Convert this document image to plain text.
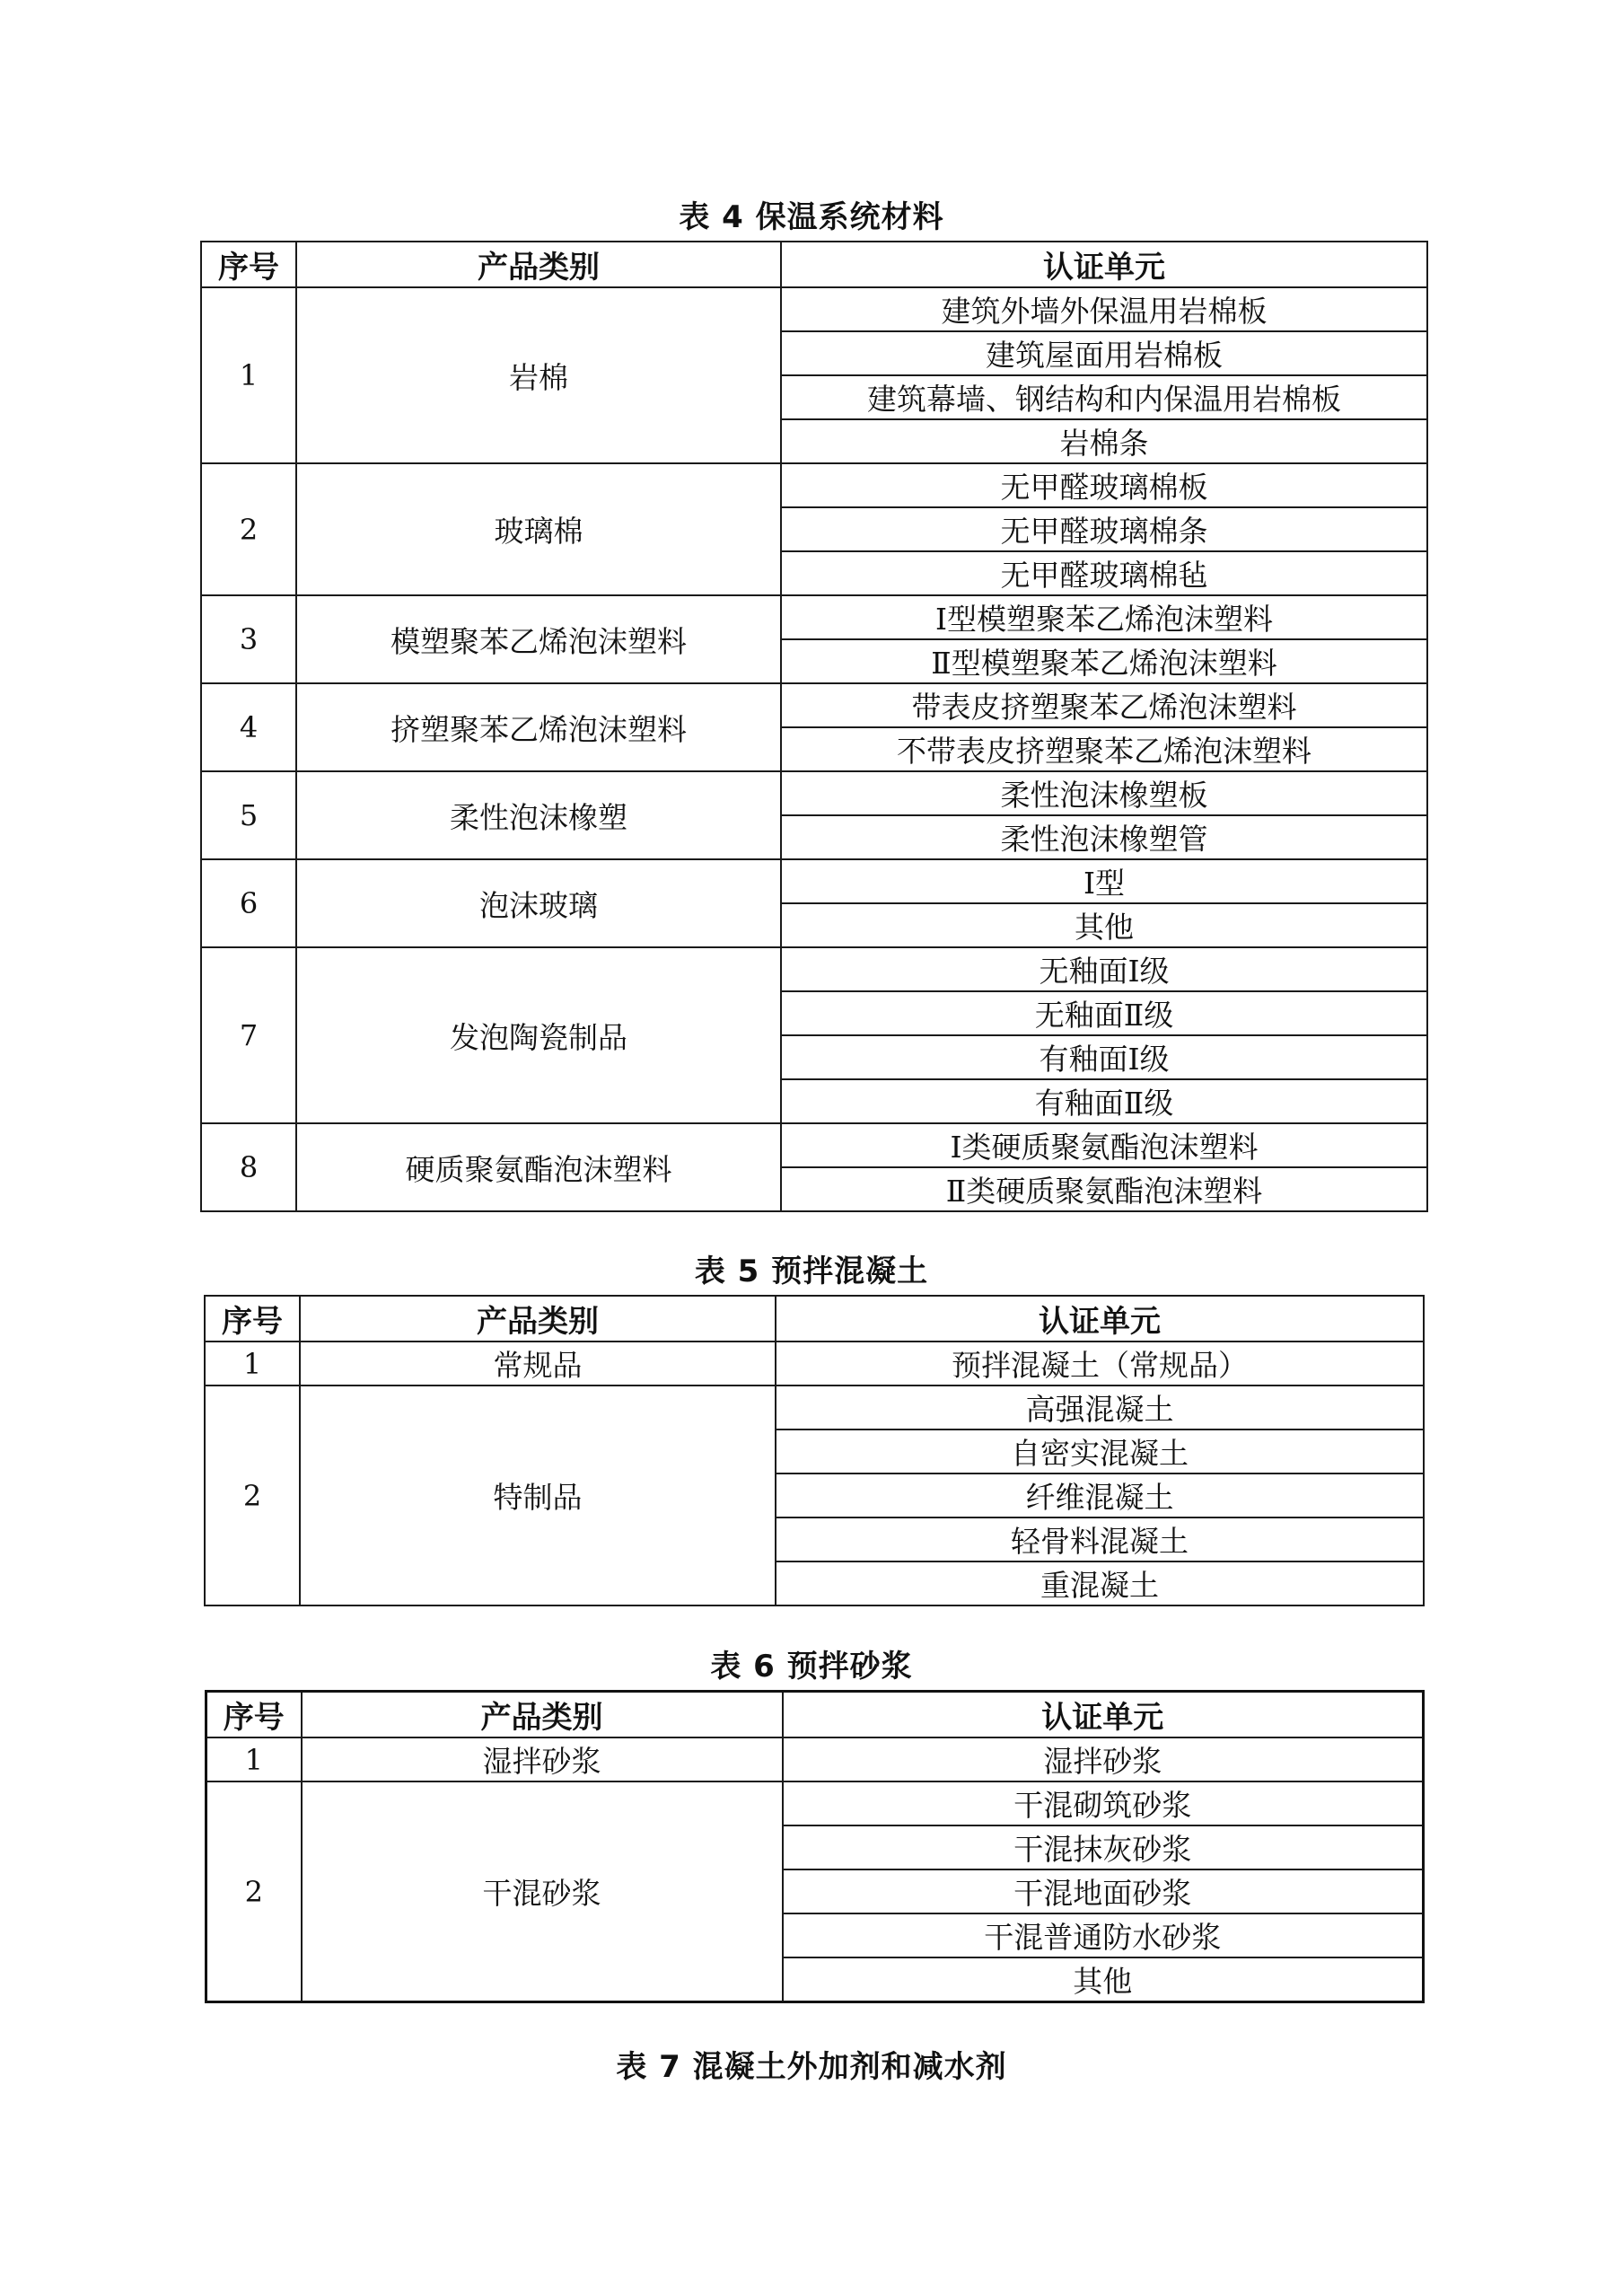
表 4 保温系统材料
序号	产品类别	认证单元
1	岩棉	建筑外墙外保温用岩棉板
		建筑屋面用岩棉板
		建筑幕墙、钢结构和内保温用岩棉板
		岩棉条
2	玻璃棉	无甲醛玻璃棉板
		无甲醛玻璃棉条
		无甲醛玻璃棉毡
3	模塑聚苯乙烯泡沫塑料	Ⅰ型模塑聚苯乙烯泡沫塑料
		Ⅱ型模塑聚苯乙烯泡沫塑料
4	挤塑聚苯乙烯泡沫塑料	带表皮挤塑聚苯乙烯泡沫塑料
		不带表皮挤塑聚苯乙烯泡沫塑料
5	柔性泡沫橡塑	柔性泡沫橡塑板
		柔性泡沫橡塑管
6	泡沫玻璃	Ⅰ型
		其他
7	发泡陶瓷制品	无釉面Ⅰ级
		无釉面Ⅱ级
		有釉面Ⅰ级
		有釉面Ⅱ级
8	硬质聚氨酯泡沫塑料	Ⅰ类硬质聚氨酯泡沫塑料
		Ⅱ类硬质聚氨酯泡沫塑料
表 5 预拌混凝土
序号	产品类别	认证单元
1	常规品	预拌混凝土（常规品）
2	特制品	高强混凝土
		自密实混凝土
		纤维混凝土
		轻骨料混凝土
		重混凝土
表 6 预拌砂浆
序号	产品类别	认证单元
1	湿拌砂浆	湿拌砂浆
2	干混砂浆	干混砌筑砂浆
		干混抹灰砂浆
		干混地面砂浆
		干混普通防水砂浆
		其他
表 7 混凝土外加剂和减水剂
